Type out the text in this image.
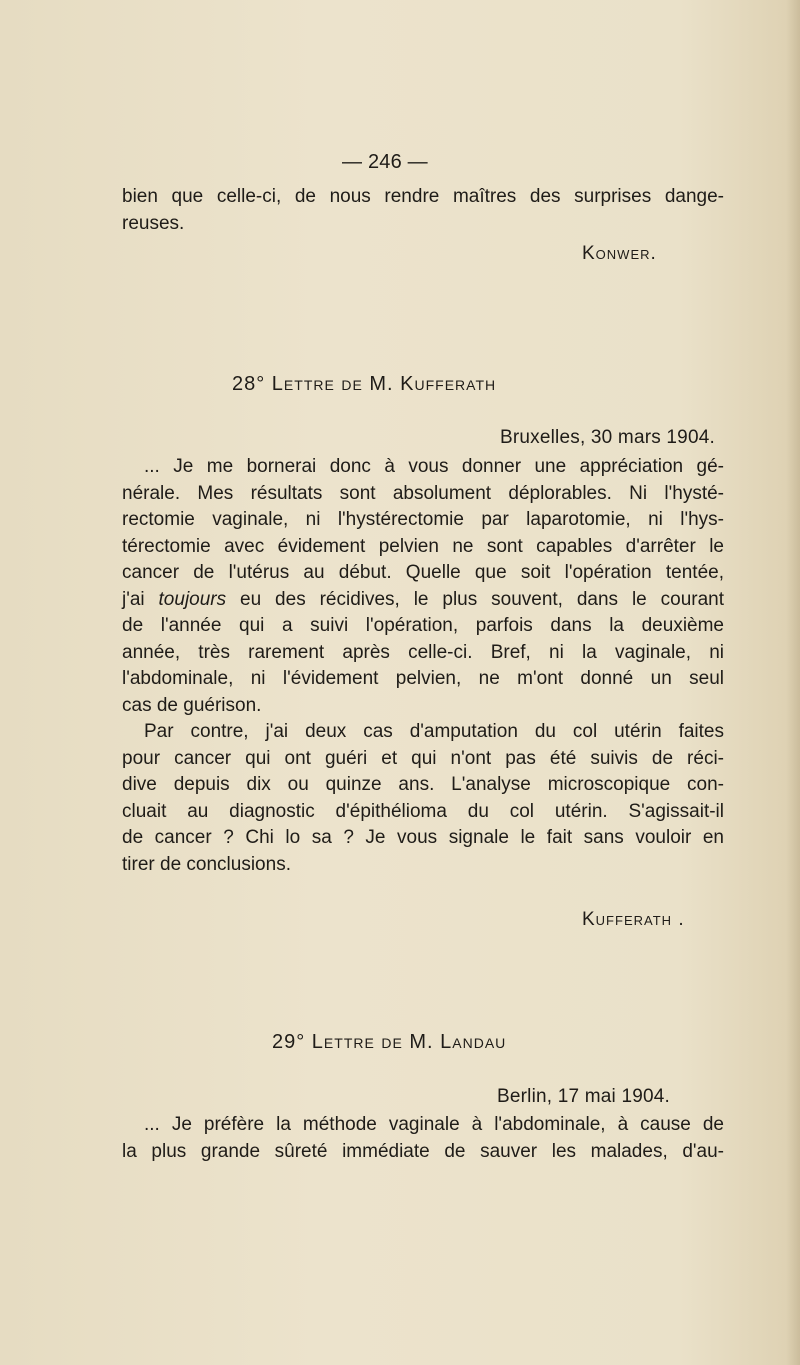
— 246 —
bien que celle-ci, de nous rendre maîtres des surprises dange-
reuses.
Konwer.
28° Lettre de M. Kufferath
Bruxelles, 30 mars 1904.
... Je me bornerai donc à vous donner une appréciation gé-
nérale. Mes résultats sont absolument déplorables. Ni l'hysté-
rectomie vaginale, ni l'hystérectomie par laparotomie, ni l'hys-
térectomie avec évidement pelvien ne sont capables d'arrêter le
cancer de l'utérus au début. Quelle que soit l'opération tentée,
j'ai toujours eu des récidives, le plus souvent, dans le courant
de l'année qui a suivi l'opération, parfois dans la deuxième
année, très rarement après celle-ci. Bref, ni la vaginale, ni
l'abdominale, ni l'évidement pelvien, ne m'ont donné un seul
cas de guérison.
Par contre, j'ai deux cas d'amputation du col utérin faites
pour cancer qui ont guéri et qui n'ont pas été suivis de réci-
dive depuis dix ou quinze ans. L'analyse microscopique con-
cluait au diagnostic d'épithélioma du col utérin. S'agissait-il
de cancer ? Chi lo sa ? Je vous signale le fait sans vouloir en
tirer de conclusions.
Kufferath .
29° Lettre de M. Landau
Berlin, 17 mai 1904.
... Je préfère la méthode vaginale à l'abdominale, à cause de
la plus grande sûreté immédiate de sauver les malades, d'au-
